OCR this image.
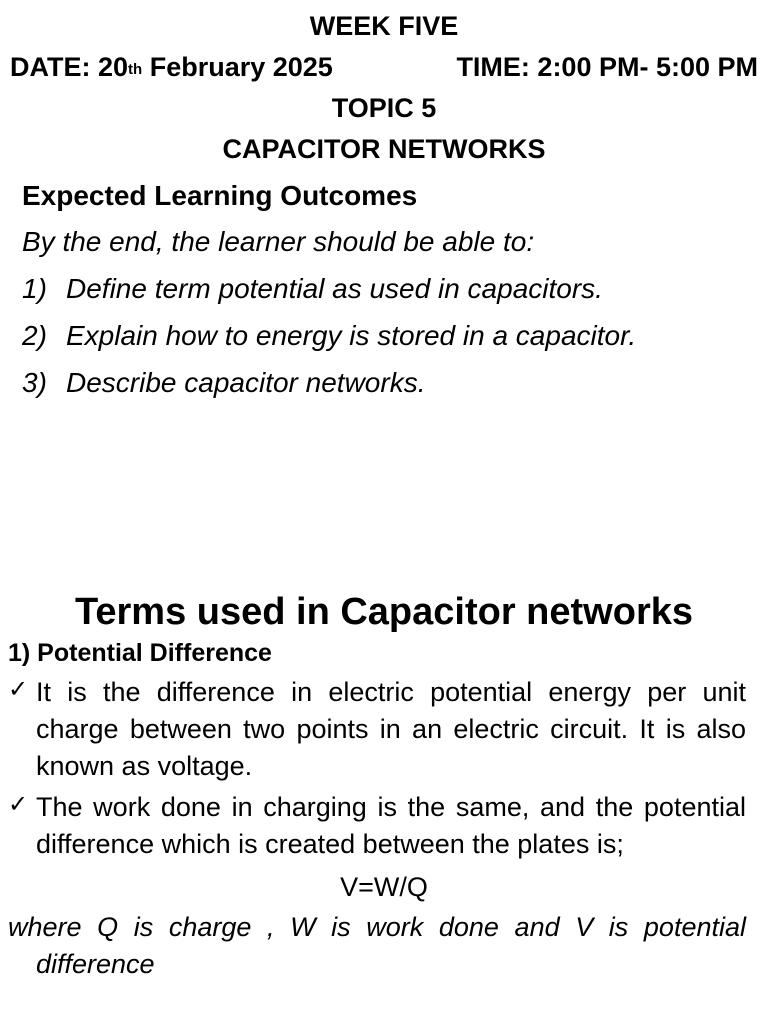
WEEK FIVE
DATE: 20th February 2025	TIME: 2:00 PM- 5:00 PM
TOPIC 5
CAPACITOR NETWORKS
Expected Learning Outcomes
By the end, the learner should be able to:
1) Define term potential as used in capacitors.
2) Explain how to energy is stored in a capacitor.
3) Describe capacitor networks.
Terms used in Capacitor networks
1) Potential Difference
✓ It is the difference in electric potential energy per unit charge between two points in an electric circuit. It is also known as voltage.
✓ The work done in charging is the same, and the potential difference which is created between the plates is;
V=W/Q
where Q is charge , W is work done and V is potential difference
